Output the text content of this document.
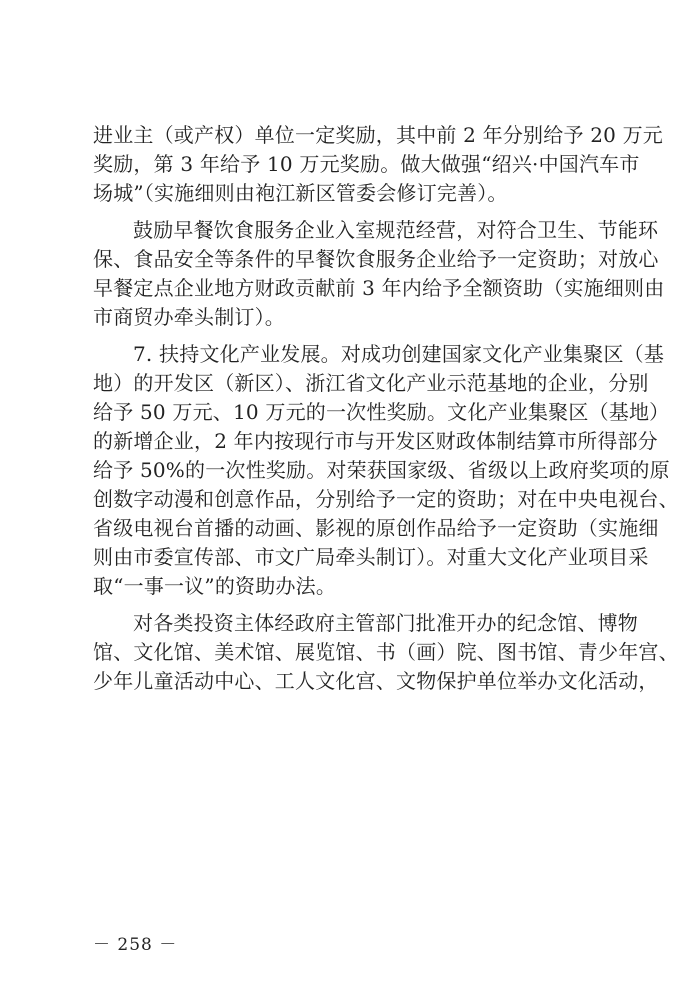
进业主（或产权）单位一定奖励，其中前 2 年分别给予 20 万元
奖励，第 3 年给予 10 万元奖励。做大做强“绍兴·中国汽车市
场城”（实施细则由袍江新区管委会修订完善）。

鼓励早餐饮食服务企业入室规范经营，对符合卫生、节能环
保、食品安全等条件的早餐饮食服务企业给予一定资助；对放心
早餐定点企业地方财政贡献前 3 年内给予全额资助（实施细则由
市商贸办牵头制订）。

7. 扶持文化产业发展。对成功创建国家文化产业集聚区（基
地）的开发区（新区）、浙江省文化产业示范基地的企业，分别
给予 50 万元、10 万元的一次性奖励。文化产业集聚区（基地）
的新增企业，2 年内按现行市与开发区财政体制结算市所得部分
给予 50%的一次性奖励。对荣获国家级、省级以上政府奖项的原
创数字动漫和创意作品，分别给予一定的资助；对在中央电视台、
省级电视台首播的动画、影视的原创作品给予一定资助（实施细
则由市委宣传部、市文广局牵头制订）。对重大文化产业项目采
取“一事一议”的资助办法。

对各类投资主体经政府主管部门批准开办的纪念馆、博物
馆、文化馆、美术馆、展览馆、书（画）院、图书馆、青少年宫、
少年儿童活动中心、工人文化宫、文物保护单位举办文化活动，

－ 258 －
